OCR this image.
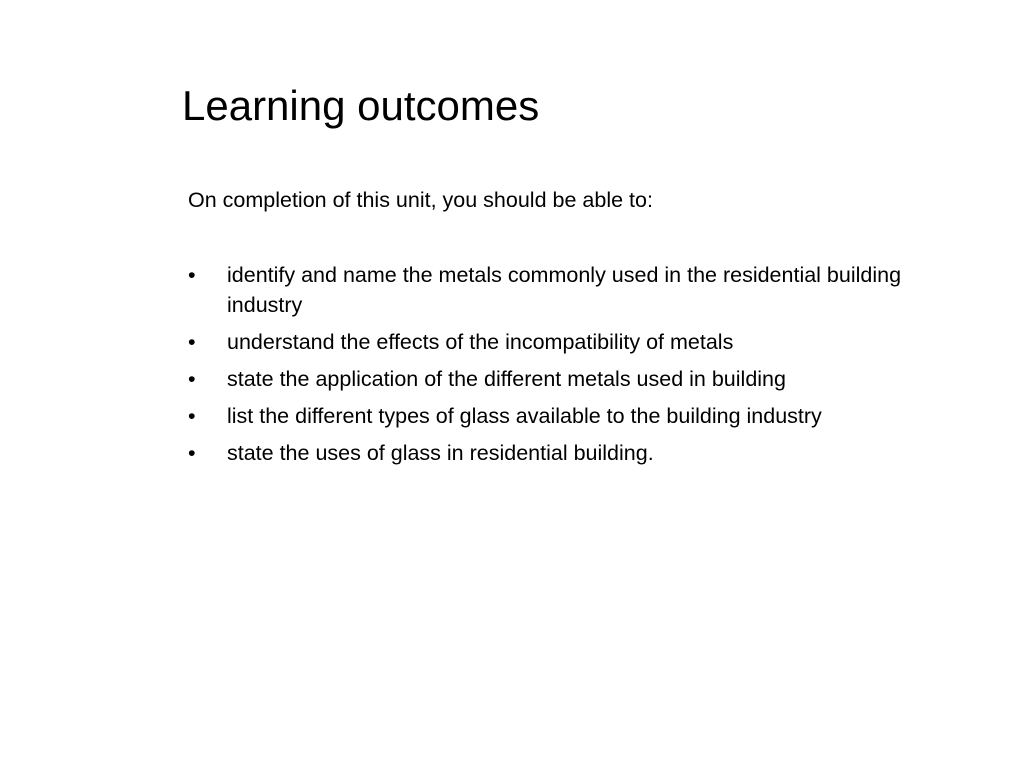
Learning outcomes

On completion of this unit, you should be able to:

• identify and name the metals commonly used in the residential building industry
• understand the effects of the incompatibility of metals
• state the application of the different metals used in building
• list the different types of glass available to the building industry
• state the uses of glass in residential building.
